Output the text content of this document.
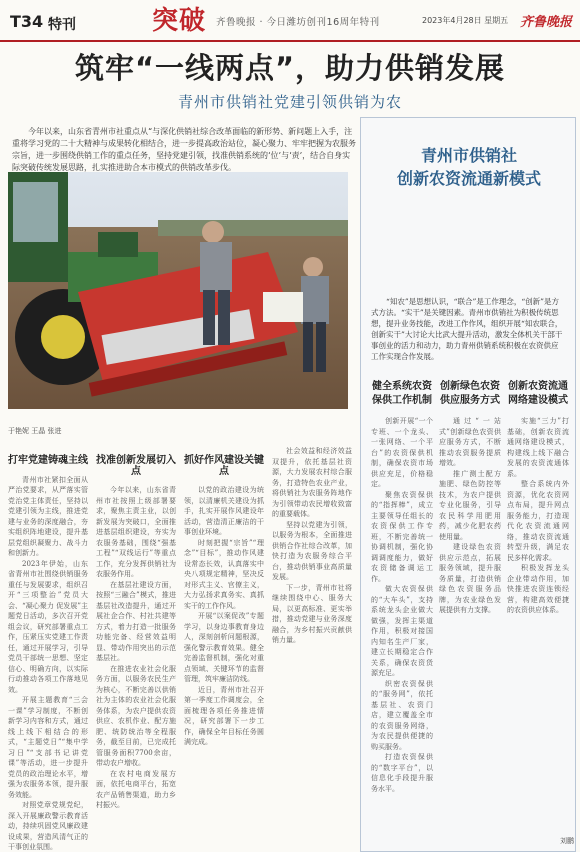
T34 特刊	突破 齐鲁晚报 · 今日潍坊创刊16周年特刊	2023年4月28日 星期五 齐鲁晚报
筑牢“一线两点”，助力供销发展
青州市供销社党建引领供销为农
今年以来，山东省青州市社重点从“与深化供销社综合改革面临的新形势、新问题上入手，注重将学习党的二十大精神与成果转化相结合，进一步提高政治站位，凝心聚力、牢牢把握为农服务宗旨，进一步围绕供销工作的重点任务，坚持党建引领，找准供销系统的‘位’与‘责’，结合自身实际突破传统发展思路，扎实推进助合本市模式的供销改革步伐。
于艳妮 王晶 张进
打牢党建铸魂主线

青州市社紧扣全面从严治党要求，从严落实管党治党主体责任，坚持以党建引领为主线，推进党建与业务的深度融合，夯实组织阵地建设，提升基层党组织凝聚力、战斗力和创新力。

2023年伊始，山东省青州市社围绕供销服务重任与发展要求，组织召开“三项整治”党员大会、“凝心聚力 促发展”主题党日活动，多次召开党组会议，研究部署重点工作，压紧压实党建工作责任，通过开展学习，引导党员干部统一思想、坚定信心、明确方向，以实际行动推动各项工作落地见效。

开展主题教育“三会一课”学习制度，不断创新学习内容和方式，通过线上线下相结合的形式，“主题党日”“集中学习日”“支部书记讲党课”等活动，进一步提升党员的政治理论水平，增强为农服务本领，提升服务效能。

对照党章党规党纪，深入开展廉政警示教育活动，持续巩固党风廉政建设成果，营造风清气正的干事创业氛围。

找准创新发展切入点

今年以来，山东省青州市社按照上级部署要求，聚焦主责主业，以创新发展为突破口，全面推进基层组织建设，夯实为农服务基础，围绕“强基工程”“双线运行”等重点工作，充分发挥供销社为农服务作用。

在基层社建设方面，按照“三融合”模式，推进基层社改造提升，通过开展社企合作、村社共建等方式，着力打造一批服务功能完备、经营效益明显、带动作用突出的示范基层社。

在推进农业社会化服务方面，以服务农民生产为核心，不断完善以供销社为主体的农业社会化服务体系，为农户提供农资供应、农机作业、配方施肥、统防统治等全程服务，截至目前，已完成托管服务面积7700余亩，带动农户增收。

在农村电商发展方面，依托电商平台，拓宽农产品销售渠道，助力乡村振兴。

抓好作风建设关键点

以党的政治建设为统领，以清廉机关建设为抓手，扎实开展作风建设年活动，营造清正廉洁的干事创业环境。

时刻把握“宗旨”“理念”“目标”，推动作风建设常态长效，认真落实中央八项规定精神，坚决反对形式主义、官僚主义，大力弘扬求真务实、真抓实干的工作作风。

开展“以案促改”专题学习，以身边事教育身边人，深刻剖析问题根源，强化警示教育效果。健全完善监督机制，强化对重点领域、关键环节的监督管理，筑牢廉洁防线。

近日，青州市社召开第一季度工作调度会，全面梳理各项任务推进情况，研究部署下一步工作，确保全年目标任务圆满完成。

社会效益和经济效益双提升，依托基层社资源，大力发展农村综合服务，打造特色农业产业，将供销社为农服务阵地作为引领带动农民增收致富的重要载体。

坚持以党建为引领，以服务为根本，全面推进供销合作社综合改革，加快打造为农服务综合平台，推动供销事业高质量发展。

下一步，青州市社将继续围绕中心、服务大局，以更高标准、更实举措，推动党建与业务深度融合，为乡村振兴贡献供销力量。

青州市供销社
创新农资流通新模式
“知农”是思想认识，“联合”是工作理念，“创新”是方式方法。“实干”是关键因素。青州市供销社为积极传统思想，提升业务技能，改进工作作风，组织开展“知农联合，创新实干”大讨论大比武大提升活动，激发全体机关干部干事创业的活力和动力，助力青州供销系统积极在农资供应工作实现合作发展。
健全系统农资
保供工作机制

创新开展“一个专班、一个龙头、一张网络、一个平台”的农资保供机制，确保农资市场供应充足，价格稳定。

聚焦农资保供的“指挥棒”，成立主要领导任组长的农资保供工作专班，不断完善统一协调机制，强化协调调度能力，做好农资储备调运工作。

做大农资保供的“大车头”，支持系统龙头企业做大做强，发挥主渠道作用，积极对接国内知名生产厂家，建立长期稳定合作关系，确保农资货源充足。

织密农资保供的“服务网”，依托基层社、农资门店，建立覆盖全市的农资服务网络，为农民提供便捷的购买服务。

打造农资保供的“数字平台”，以信息化手段提升服务水平。

创新绿色农资
供应服务方式

通过“一站式”创新绿色农资供应服务方式，不断推动农资服务提质增效。

推广测土配方施肥、绿色防控等技术，为农户提供专业化服务，引导农民科学用肥用药，减少化肥农药使用量。

建设绿色农资供应示范点，拓展服务领域，提升服务质量，打造供销绿色农资服务品牌，为农业绿色发展提供有力支撑。

创新农资流通
网络建设模式

实施“三力”打基础，创新农资流通网络建设模式，构建线上线下融合发展的农资流通体系。

整合系统内外资源，优化农资网点布局，提升网点服务能力，打造现代化农资流通网络，推动农资流通转型升级，满足农民多样化需求。

积极发挥龙头企业带动作用，加快推进农资连锁经营，构建高效便捷的农资供应体系。

刘鹏
